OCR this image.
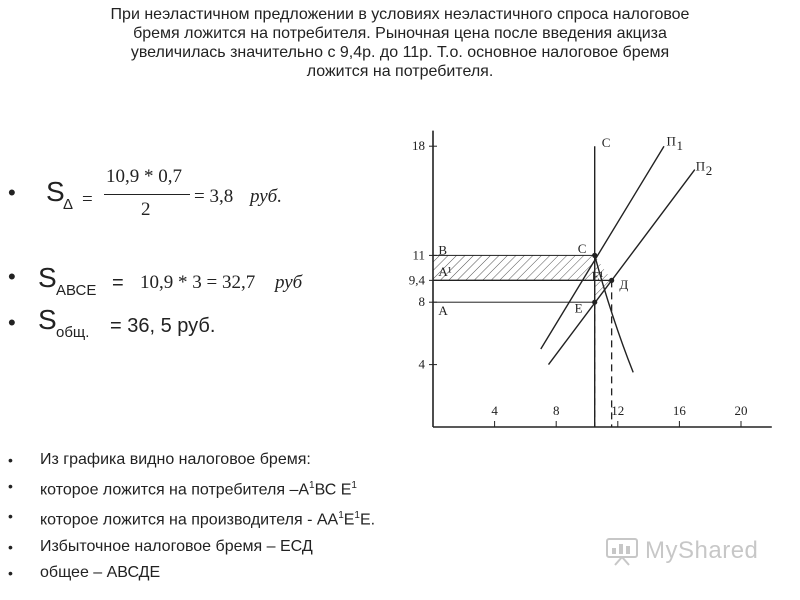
При неэластичном предложении в условиях неэластичного спроса налоговое
бремя ложится на потребителя. Рыночная цена после введения акциза
увеличилась значительно с 9,4р. до 11р. Т.о. основное налоговое бремя
ложится на потребителя.
• S
Δ =
10,9 * 0,7
2
= 3,8 руб.
• S АВСЕ = 10,9 * 3 = 32,7 руб
• S общ. = 36, 5 руб.
• Из графика видно налоговое бремя:
• которое ложится на потребителя $-А^1ВС$ $Е^1$
• которое ложится на производителя - $АА^1Е^1Е$.
• Избыточное налоговое бремя – ЕСД
• общее – АВСДЕ
4	8	12	16	20
18
11
9,4
8
4
С	П
П
1
2
В	С
А¹	Е¹
Д
А	Е
MyShared
